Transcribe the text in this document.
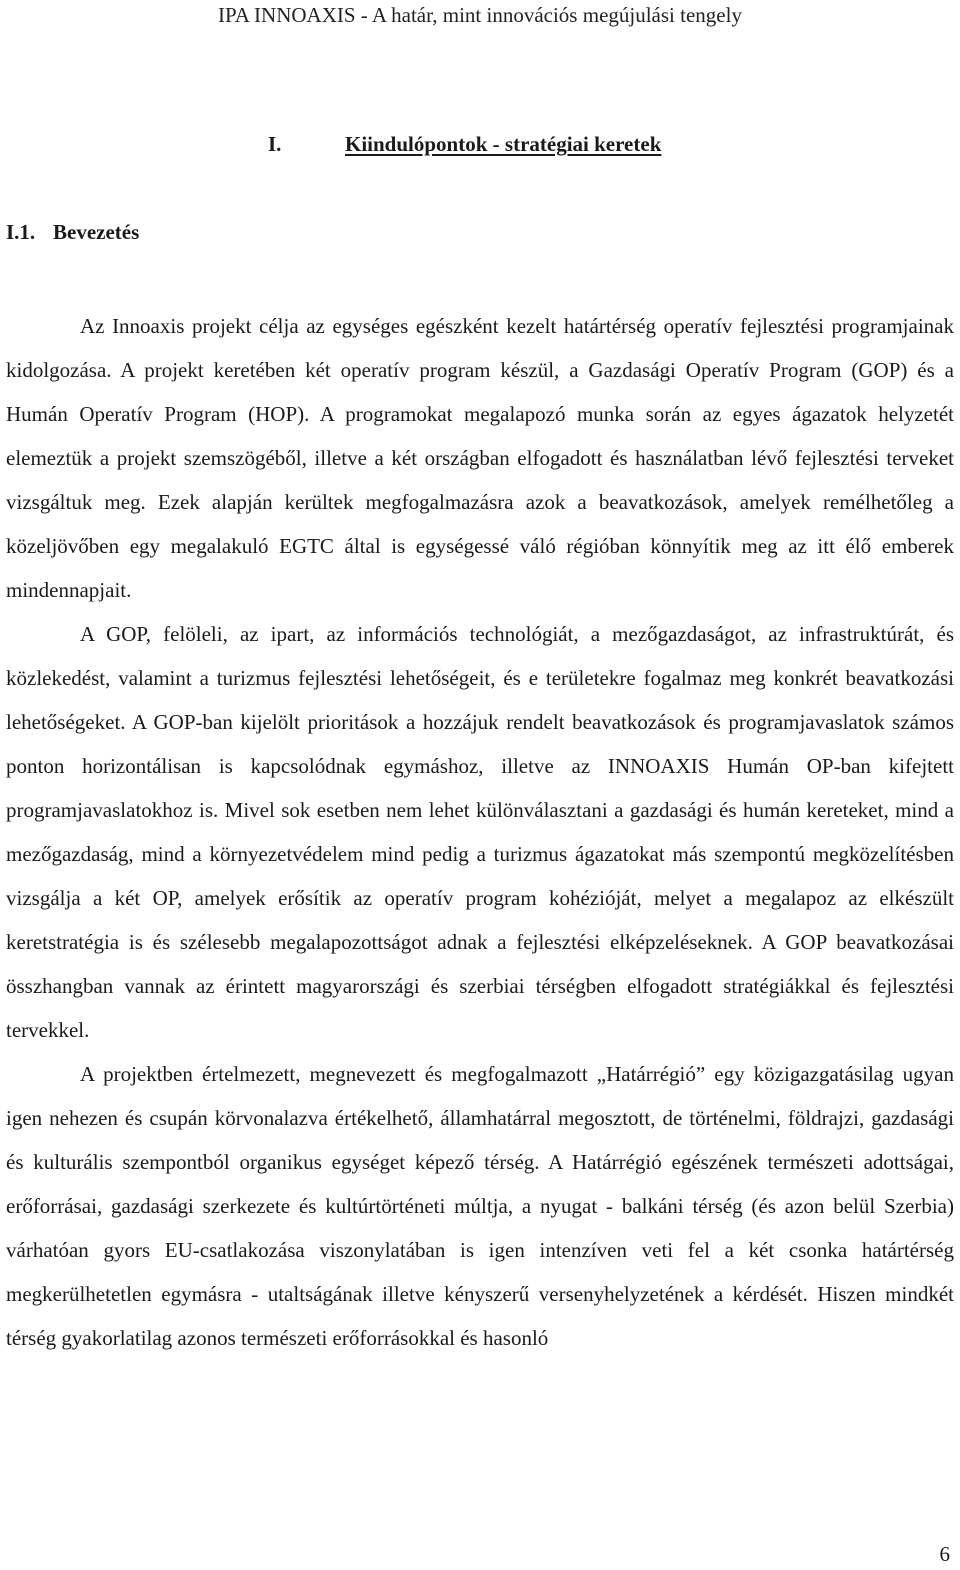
IPA INNOAXIS - A határ, mint innovációs megújulási tengely
I.	Kiindulópontok - stratégiai keretek
I.1. Bevezetés

Az Innoaxis projekt célja az egységes egészként kezelt határtérség operatív fejlesztési programjainak kidolgozása. A projekt keretében két operatív program készül, a Gazdasági Operatív Program (GOP) és a Humán Operatív Program (HOP). A programokat megalapozó munka során az egyes ágazatok helyzetét elemeztük a projekt szemszögéből, illetve a két országban elfogadott és használatban lévő fejlesztési terveket vizsgáltuk meg. Ezek alapján kerültek megfogalmazásra azok a beavatkozások, amelyek remélhetőleg a közeljövőben egy megalakuló EGTC által is egységessé váló régióban könnyítik meg az itt élő emberek mindennapjait.

A GOP, felöleli, az ipart, az információs technológiát, a mezőgazdaságot, az infrastruktúrát, és közlekedést, valamint a turizmus fejlesztési lehetőségeit, és e területekre fogalmaz meg konkrét beavatkozási lehetőségeket. A GOP-ban kijelölt prioritások a hozzájuk rendelt beavatkozások és programjavaslatok számos ponton horizontálisan is kapcsolódnak egymáshoz, illetve az INNOAXIS Humán OP-ban kifejtett programjavaslatokhoz is. Mivel sok esetben nem lehet különválasztani a gazdasági és humán kereteket, mind a mezőgazdaság, mind a környezetvédelem mind pedig a turizmus ágazatokat más szempontú megközelítésben vizsgálja a két OP, amelyek erősítik az operatív program kohézióját, melyet a megalapoz az elkészült keretstratégia is és szélesebb megalapozottságot adnak a fejlesztési elképzeléseknek. A GOP beavatkozásai összhangban vannak az érintett magyarországi és szerbiai térségben elfogadott stratégiákkal és fejlesztési tervekkel.

A projektben értelmezett, megnevezett és megfogalmazott „Határrégió” egy közigazgatásilag ugyan igen nehezen és csupán körvonalazva értékelhető, államhatárral megosztott, de történelmi, földrajzi, gazdasági és kulturális szempontból organikus egységet képező térség. A Határrégió egészének természeti adottságai, erőforrásai, gazdasági szerkezete és kultúrtörténeti múltja, a nyugat - balkáni térség (és azon belül Szerbia) várhatóan gyors EU-csatlakozása viszonylatában is igen intenzíven veti fel a két csonka határtérség megkerülhetetlen egymásra - utaltságának illetve kényszerű versenyhelyzetének a kérdését. Hiszen mindkét térség gyakorlatilag azonos természeti erőforrásokkal és hasonló

6
